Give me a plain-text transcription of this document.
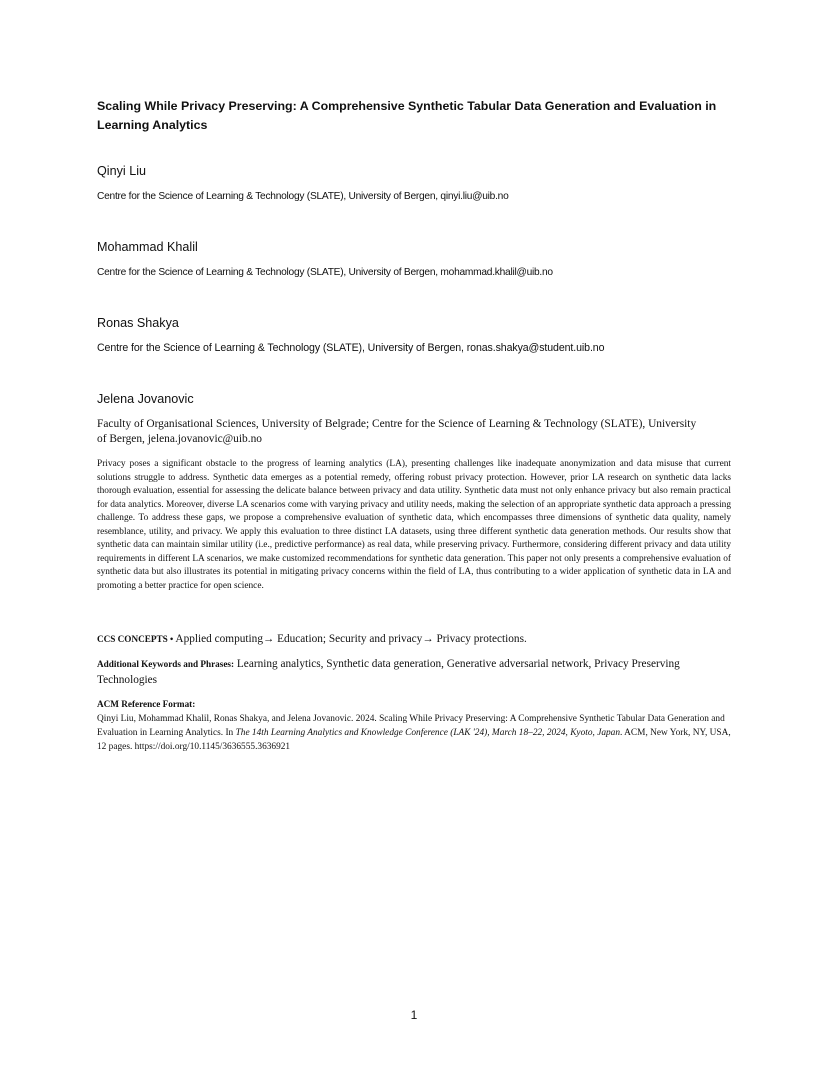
Scaling While Privacy Preserving: A Comprehensive Synthetic Tabular Data Generation and Evaluation in Learning Analytics
Qinyi Liu
Centre for the Science of Learning & Technology (SLATE), University of Bergen, qinyi.liu@uib.no
Mohammad Khalil
Centre for the Science of Learning & Technology (SLATE), University of Bergen, mohammad.khalil@uib.no
Ronas Shakya
Centre for the Science of Learning & Technology (SLATE), University of Bergen, ronas.shakya@student.uib.no
Jelena Jovanovic
Faculty of Organisational Sciences, University of Belgrade; Centre for the Science of Learning & Technology (SLATE), University of Bergen, jelena.jovanovic@uib.no
Privacy poses a significant obstacle to the progress of learning analytics (LA), presenting challenges like inadequate anonymization and data misuse that current solutions struggle to address. Synthetic data emerges as a potential remedy, offering robust privacy protection. However, prior LA research on synthetic data lacks thorough evaluation, essential for assessing the delicate balance between privacy and data utility. Synthetic data must not only enhance privacy but also remain practical for data analytics. Moreover, diverse LA scenarios come with varying privacy and utility needs, making the selection of an appropriate synthetic data approach a pressing challenge. To address these gaps, we propose a comprehensive evaluation of synthetic data, which encompasses three dimensions of synthetic data quality, namely resemblance, utility, and privacy. We apply this evaluation to three distinct LA datasets, using three different synthetic data generation methods. Our results show that synthetic data can maintain similar utility (i.e., predictive performance) as real data, while preserving privacy. Furthermore, considering different privacy and data utility requirements in different LA scenarios, we make customized recommendations for synthetic data generation. This paper not only presents a comprehensive evaluation of synthetic data but also illustrates its potential in mitigating privacy concerns within the field of LA, thus contributing to a wider application of synthetic data in LA and promoting a better practice for open science.
CCS CONCEPTS • Applied computing→ Education; Security and privacy→ Privacy protections.
Additional Keywords and Phrases: Learning analytics, Synthetic data generation, Generative adversarial network, Privacy Preserving Technologies
ACM Reference Format:
Qinyi Liu, Mohammad Khalil, Ronas Shakya, and Jelena Jovanovic. 2024. Scaling While Privacy Preserving: A Comprehensive Synthetic Tabular Data Generation and Evaluation in Learning Analytics. In The 14th Learning Analytics and Knowledge Conference (LAK '24), March 18–22, 2024, Kyoto, Japan. ACM, New York, NY, USA, 12 pages. https://doi.org/10.1145/3636555.3636921
1
